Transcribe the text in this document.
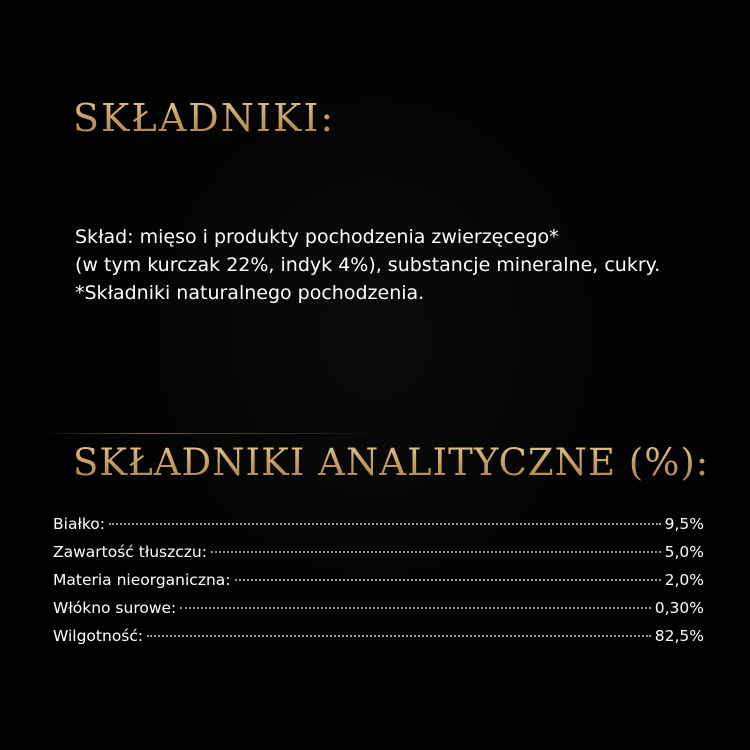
SKŁADNIKI:
Skład: mięso i produkty pochodzenia zwierzęcego*
(w tym kurczak 22%, indyk 4%), substancje mineralne, cukry.
*Składniki naturalnego pochodzenia.
SKŁADNIKI ANALITYCZNE (%):
Białko:	9,5%
Zawartość tłuszczu:	5,0%
Materia nieorganiczna:	2,0%
Włókno surowe:	0,30%
Wilgotność:	82,5%
